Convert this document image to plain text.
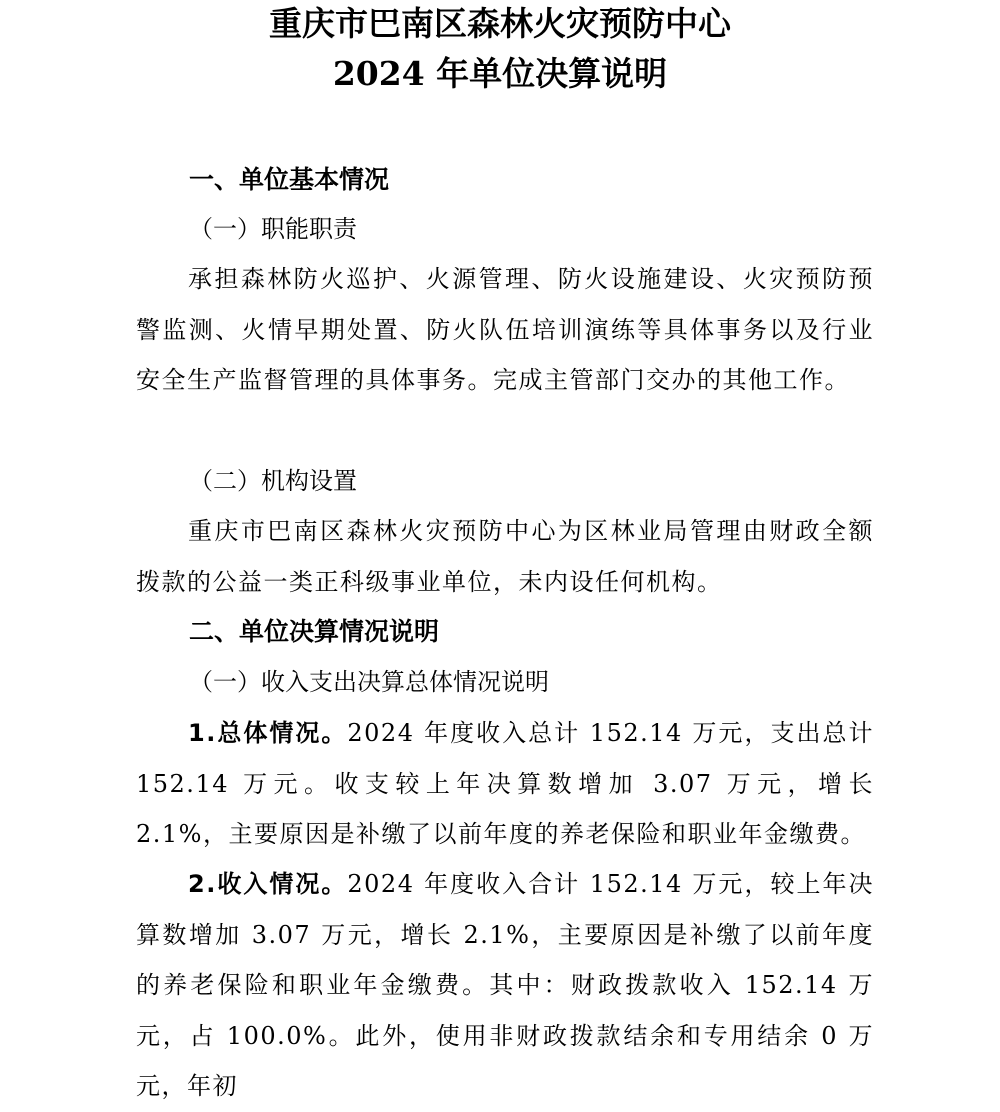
重庆市巴南区森林火灾预防中心
2024 年单位决算说明
一、单位基本情况
（一）职能职责
承担森林防火巡护、火源管理、防火设施建设、火灾预防预警监测、火情早期处置、防火队伍培训演练等具体事务以及行业安全生产监督管理的具体事务。完成主管部门交办的其他工作。
（二）机构设置
重庆市巴南区森林火灾预防中心为区林业局管理由财政全额拨款的公益一类正科级事业单位，未内设任何机构。
二、单位决算情况说明
（一）收入支出决算总体情况说明
1.总体情况。2024 年度收入总计 152.14 万元，支出总计 152.14 万元。收支较上年决算数增加 3.07 万元，增长 2.1%，主要原因是补缴了以前年度的养老保险和职业年金缴费。
2.收入情况。2024 年度收入合计 152.14 万元，较上年决算数增加 3.07 万元，增长 2.1%，主要原因是补缴了以前年度的养老保险和职业年金缴费。其中：财政拨款收入 152.14 万元，占 100.0%。此外，使用非财政拨款结余和专用结余 0 万元，年初
